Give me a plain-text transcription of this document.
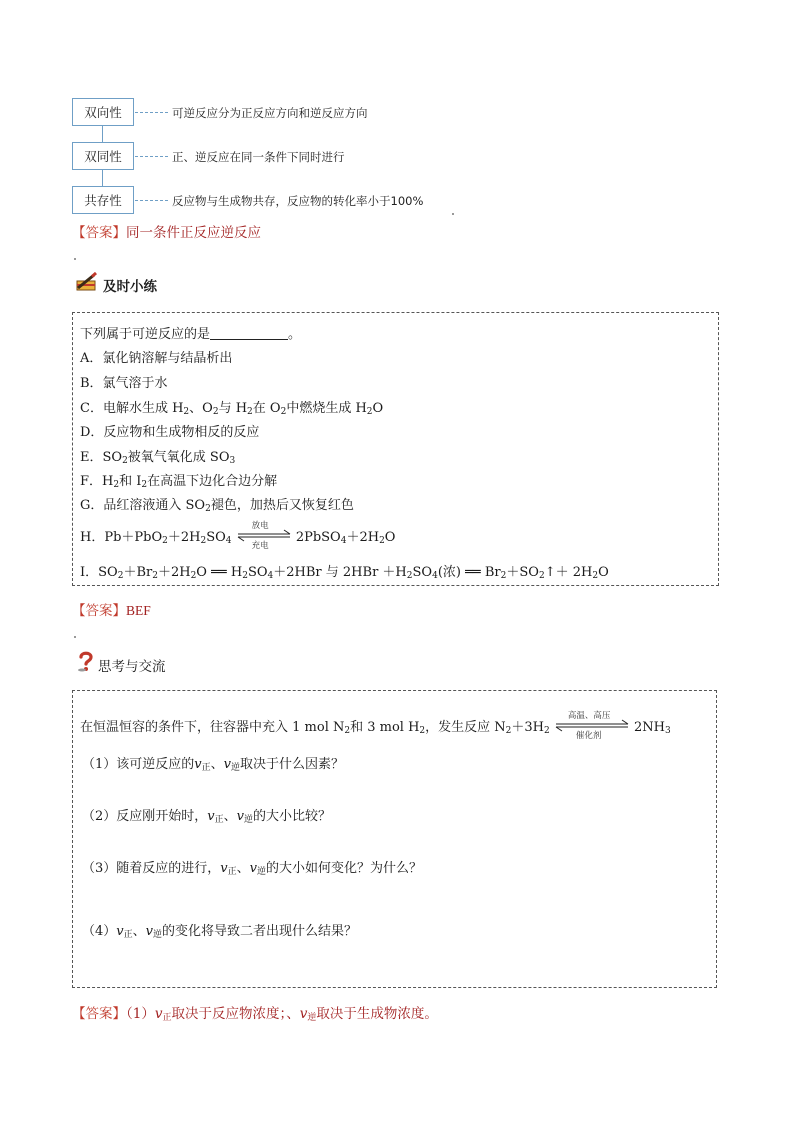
双向性	可逆反应分为正反应方向和逆反应方向
双同性	正、逆反应在同一条件下同时进行
共存性	反应物与生成物共存，反应物的转化率小于100%
【答案】同一条件正反应逆反应
及时小练
下列属于可逆反应的是	。
A．氯化钠溶解与结晶析出
B．氯气溶于水
C．电解水生成 $H_2$、$O_2$与 $H_2$在 $O_2$中燃烧生成 $H_2O$
D．反应物和生成物相反的反应
E．$SO_2$被氧气氧化成 $SO_3$
F．$H_2$和 $I_2$在高温下边化合边分解
G．品红溶液通入 $SO_2$褪色，加热后又恢复红色
H．$Pb+PbO_2+2H_2SO_4$
放电
充电
$2PbSO_4+2H_2O$
I．$SO_2+Br_2+2H_2O$ ══ $H_2SO_4+2HBr$ 与 $2HBr +H_2SO_4$(浓) ══ $Br_2+SO_2↑+ 2H_2O$
【答案】BEF
思考与交流
在恒温恒容的条件下，往容器中充入 1 mol $N_2$和 3 mol $H_2$，发生反应 $N_2+3H_2$
高温、高压
催化剂
$2NH_3$
（1）该可逆反应的$v_正$、$v_逆$取决于什么因素？
（2）反应刚开始时，$v_正$、$v_逆$的大小比较？
（3）随着反应的进行，$v_正$、$v_逆$的大小如何变化？为什么？
$(4)v_正$、$v_逆$的变化将导致二者出现什么结果？
【答案】$(1)v_正$取决于反应物浓度；、$v_逆$取决于生成物浓度。
